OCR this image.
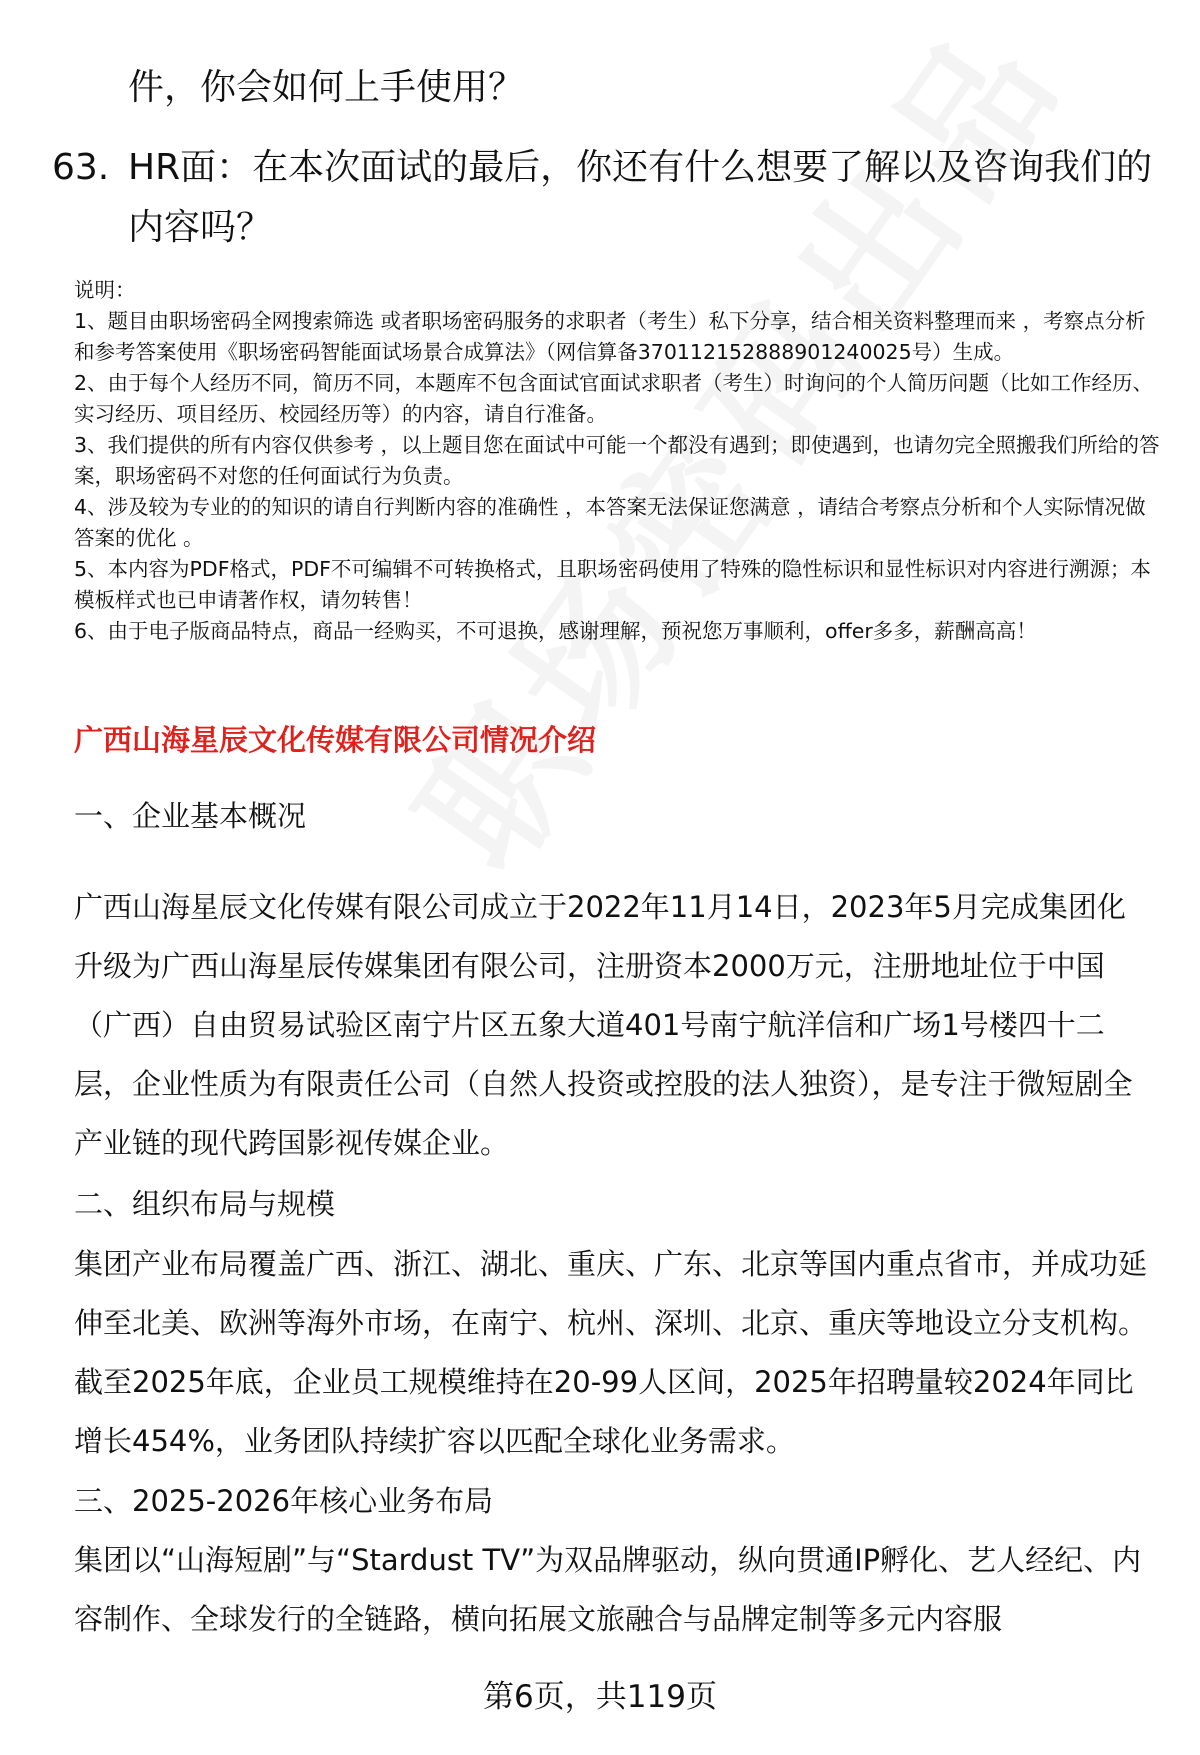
件，你会如何上手使用？
63. HR面：在本次面试的最后，你还有什么想要了解以及咨询我们的内容吗？
说明：
1、题目由职场密码全网搜索筛选 或者职场密码服务的求职者（考生）私下分享，结合相关资料整理而来 ，考察点分析和参考答案使用《职场密码智能面试场景合成算法》（网信算备370112152888901240025号）生成。
2、由于每个人经历不同，简历不同，本题库不包含面试官面试求职者（考生）时询问的个人简历问题（比如工作经历、实习经历、项目经历、校园经历等）的内容，请自行准备。
3、我们提供的所有内容仅供参考 ，以上题目您在面试中可能一个都没有遇到；即使遇到，也请勿完全照搬我们所给的答案，职场密码不对您的任何面试行为负责。
4、涉及较为专业的的知识的请自行判断内容的准确性 ，本答案无法保证您满意 ，请结合考察点分析和个人实际情况做答案的优化 。
5、本内容为PDF格式，PDF不可编辑不可转换格式，且职场密码使用了特殊的隐性标识和显性标识对内容进行溯源；本模板样式也已申请著作权，请勿转售！
6、由于电子版商品特点，商品一经购买，不可退换，感谢理解，预祝您万事顺利，offer多多，薪酬高高！
广西山海星辰文化传媒有限公司情况介绍
一、企业基本概况
广西山海星辰文化传媒有限公司成立于2022年11月14日，2023年5月完成集团化升级为广西山海星辰传媒集团有限公司，注册资本2000万元，注册地址位于中国（广西）自由贸易试验区南宁片区五象大道401号南宁航洋信和广场1号楼四十二层，企业性质为有限责任公司（自然人投资或控股的法人独资），是专注于微短剧全产业链的现代跨国影视传媒企业。
二、组织布局与规模
集团产业布局覆盖广西、浙江、湖北、重庆、广东、北京等国内重点省市，并成功延伸至北美、欧洲等海外市场，在南宁、杭州、深圳、北京、重庆等地设立分支机构。截至2025年底，企业员工规模维持在20-99人区间，2025年招聘量较2024年同比增长454%，业务团队持续扩容以匹配全球化业务需求。
三、2025-2026年核心业务布局
集团以“山海短剧”与“Stardust TV”为双品牌驱动，纵向贯通IP孵化、艺人经纪、内容制作、全球发行的全链路，横向拓展文旅融合与品牌定制等多元内容服
第6页，共119页
